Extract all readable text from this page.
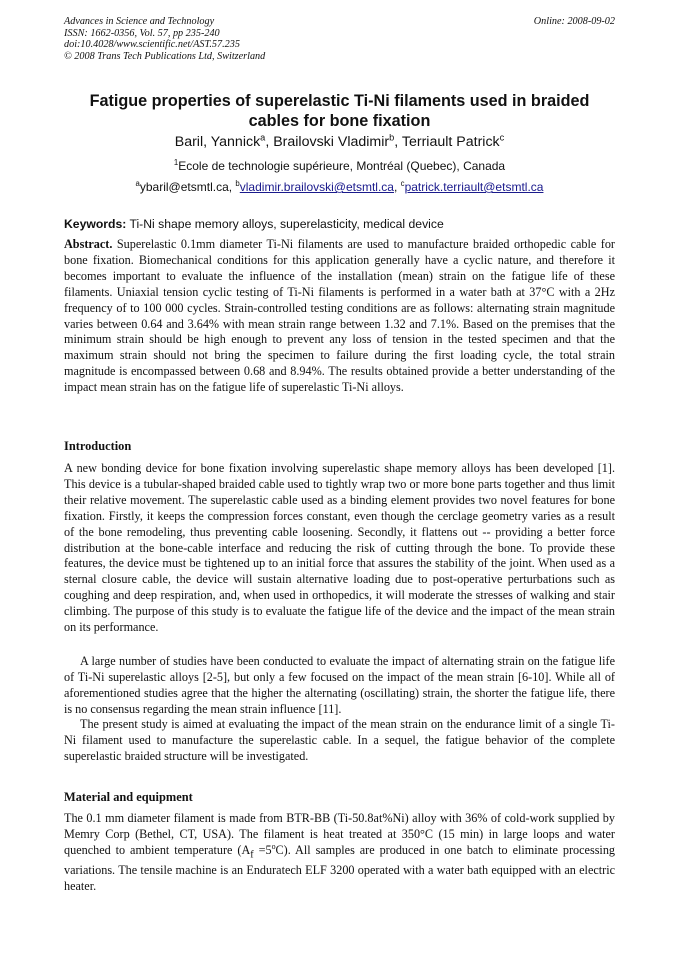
Advances in Science and Technology
ISSN: 1662-0356, Vol. 57, pp 235-240
doi:10.4028/www.scientific.net/AST.57.235
© 2008 Trans Tech Publications Ltd, Switzerland
Online: 2008-09-02
Fatigue properties of superelastic Ti-Ni filaments used in braided cables for bone fixation
Baril, Yannick$^a$, Brailovski Vladimir$^b$, Terriault Patrick$^c$
$^1$Ecole de technologie supérieure, Montréal (Quebec), Canada
$^a$ybaril@etsmtl.ca, $^b$vladimir.brailovski@etsmtl.ca, $^c$patrick.terriault@etsmtl.ca
Keywords: Ti-Ni shape memory alloys, superelasticity, medical device
Abstract. Superelastic 0.1mm diameter Ti-Ni filaments are used to manufacture braided orthopedic cable for bone fixation. Biomechanical conditions for this application generally have a cyclic nature, and therefore it becomes important to evaluate the influence of the installation (mean) strain on the fatigue life of these filaments. Uniaxial tension cyclic testing of Ti-Ni filaments is performed in a water bath at 37°C with a 2Hz frequency of to 100 000 cycles. Strain-controlled testing conditions are as follows: alternating strain magnitude varies between 0.64 and 3.64% with mean strain range between 1.32 and 7.1%. Based on the premises that the minimum strain should be high enough to prevent any loss of tension in the tested specimen and that the maximum strain should not bring the specimen to failure during the first loading cycle, the total strain magnitude is encompassed between 0.68 and 8.94%. The results obtained provide a better understanding of the impact mean strain has on the fatigue life of superelastic Ti-Ni alloys.
Introduction
A new bonding device for bone fixation involving superelastic shape memory alloys has been developed [1]. This device is a tubular-shaped braided cable used to tightly wrap two or more bone parts together and thus limit their relative movement. The superelastic cable used as a binding element provides two novel features for bone fixation. Firstly, it keeps the compression forces constant, even though the cerclage geometry varies as a result of the bone remodeling, thus preventing cable loosening. Secondly, it flattens out -- providing a better force distribution at the bone-cable interface and reducing the risk of cutting through the bone. To provide these features, the device must be tightened up to an initial force that assures the stability of the joint. When used as a sternal closure cable, the device will sustain alternative loading due to post-operative perturbations such as coughing and deep respiration, and, when used in orthopedics, it will moderate the stresses of walking and stair climbing. The purpose of this study is to evaluate the fatigue life of the device and the impact of the mean strain on its performance.
A large number of studies have been conducted to evaluate the impact of alternating strain on the fatigue life of Ti-Ni superelastic alloys [2-5], but only a few focused on the impact of the mean strain [6-10]. While all of aforementioned studies agree that the higher the alternating (oscillating) strain, the shorter the fatigue life, there is no consensus regarding the mean strain influence [11].
The present study is aimed at evaluating the impact of the mean strain on the endurance limit of a single Ti-Ni filament used to manufacture the superelastic cable. In a sequel, the fatigue behavior of the complete superelastic braided structure will be investigated.
Material and equipment
The 0.1 mm diameter filament is made from BTR-BB (Ti-50.8at%Ni) alloy with 36% of cold-work supplied by Memry Corp (Bethel, CT, USA). The filament is heat treated at 350°C (15 min) in large loops and water quenched to ambient temperature $(A_f =5^oC)$. All samples are produced in one batch to eliminate processing variations. The tensile machine is an Enduratech ELF 3200 operated with a water bath equipped with an electric heater.
